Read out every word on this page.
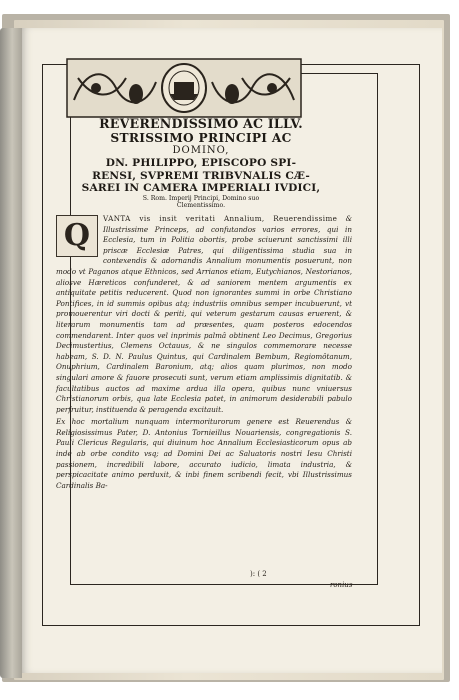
REVERENDISSIMO AC ILLV.
STRISSIMO PRINCIPI AC
DOMINO,
DN. PHILIPPO, EPISCOPO SPI-
RENSI, SVPREMI TRIBVNALIS CÆ-
SAREI IN CAMERA IMPERIALI IVDICI,
S. Rom. Imperij Principi, Domino suo
Clementissimo.
Q	VANTA vis insit veritati Annalium, Reuerendissime & Illustrissime Princeps, ad confutandos varios errores, qui in Ecclesia, tum in Politia obortis, probe sciuerunt sanctissimi illi priscæ Ecclesiæ Patres, qui diligentissima studia sua in contexendis & adornandis Annalium monumentis posuerunt, non modo vt Paganos atque Ethnicos, sed Arrianos etiam, Eutychianos, Nestorianos, aliosve Hæreticos confunderet, & ad saniorem mentem argumentis ex antiquitate petitis reducerent. Quod non ignorantes summi in orbe Christiano Pontifices, in id summis opibus atq; industriis omnibus semper incubuerunt, vt promouerentur viri docti & periti, qui veterum gestarum causas eruerent, & literarum monumentis tam ad præsentes, quam posteros edocendos commendarent. Inter quos vel inprimis palmâ obtinent Leo Decimus, Gregorius Decimustertius, Clemens Octauus, & ne singulos commemorare necesse habeam, S. D. N. Paulus Quintus, qui Cardinalem Bembum, Regiomôtanum, Onuphrium, Cardinalem Baronium, atq; alios quam plurimos, non modo singulari amore & fauore prosecuti sunt, verum etiam amplissimis dignitatib. & facultatibus auctos ad maxime ardua illa opera, quibus nunc vniuersus Christianorum orbis, qua late Ecclesia patet, in animorum desiderabili pabulo perfruitur, instituenda & peragenda excitauit.

Ex hoc mortalium nunquam intermoriturorum genere est Reuerendus & Religiosissimus Pater, D. Antonius Tornieillus Nouariensis, congregationis S. Pauli Clericus Regularis, qui diuinum hoc Annalium Ecclesiasticorum opus ab inde ab orbe condito vsq; ad Domini Dei ac Saluatoris nostri Iesu Christi passionem, incredibili labore, accurato iudicio, limata industria, & perspicacitate animo perduxit, & inbi finem scribendi fecit, vbi Illustrissimus Cardinalis Ba-

): ( 2
ronius
